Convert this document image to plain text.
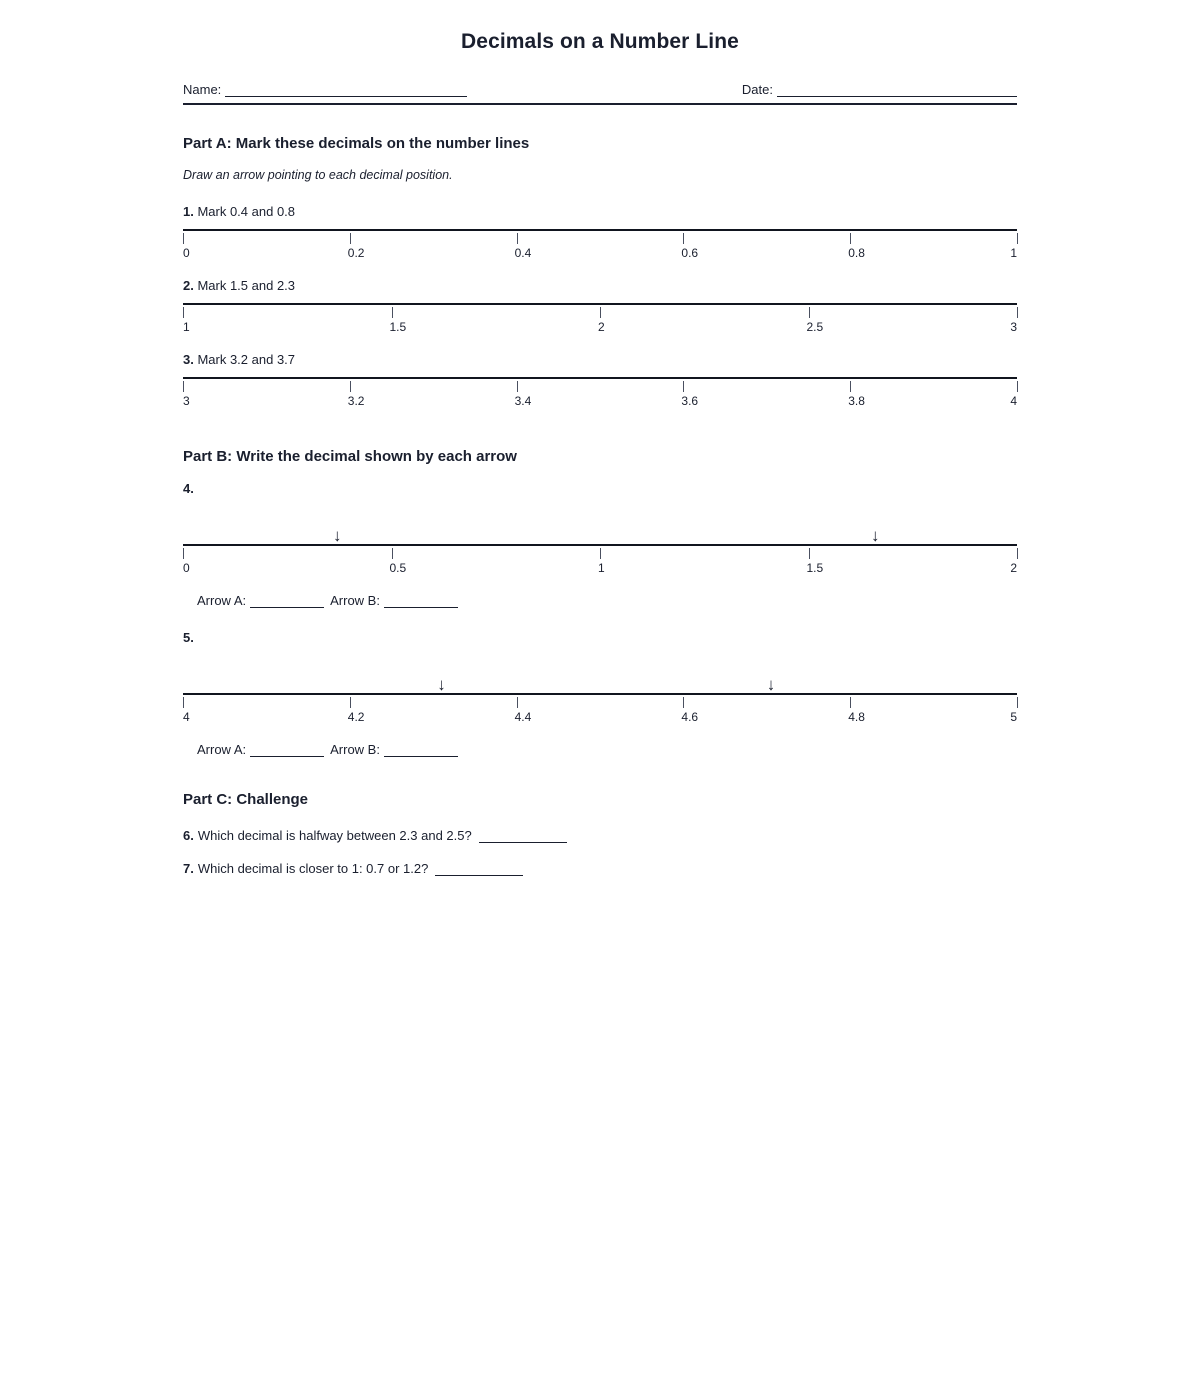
Decimals on a Number Line
Name:	Date:
Part A: Mark these decimals on the number lines

Draw an arrow pointing to each decimal position.

1. Mark 0.4 and 0.8

0	0.2	0.4	0.6	0.8	1

2. Mark 1.5 and 2.3

1	1.5	2	2.5	3

3. Mark 3.2 and 3.7

3	3.2	3.4	3.6	3.8	4
Part B: Write the decimal shown by each arrow

4.

↓	↓
0	0.5	1	1.5	2
Arrow A:	Arrow B:

5.

↓	↓
4	4.2	4.4	4.6	4.8	5
Arrow A:	Arrow B:
Part C: Challenge

6. Which decimal is halfway between 2.3 and 2.5?

7. Which decimal is closer to 1: 0.7 or 1.2?
